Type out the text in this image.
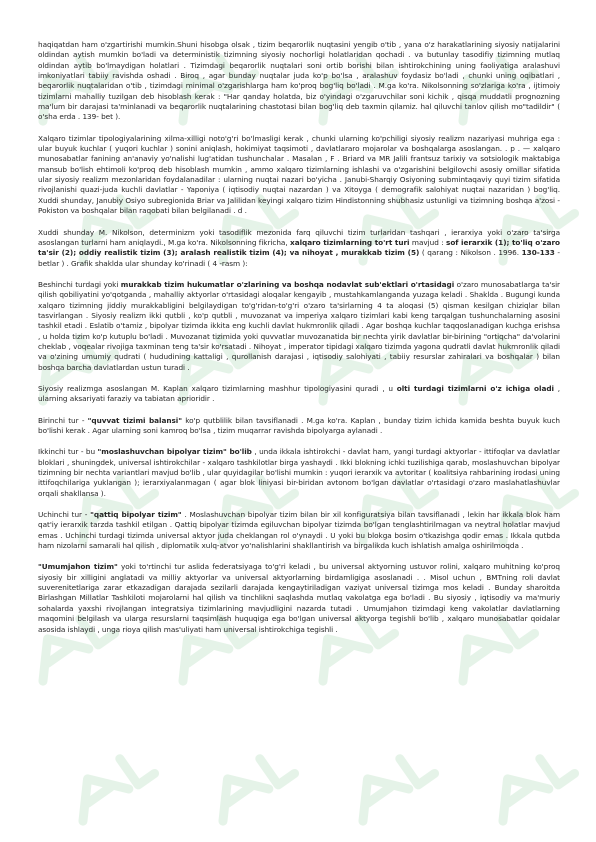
haqiqatdan ham o'zgartirishi mumkin.Shuni hisobga olsak , tizim beqarorlik nuqtasini yengib o'tib , yana o'z harakatlarining siyosiy natijalarini oldindan aytish mumkin bo'ladi va deterministik tizimning siyosiy nochorligi holatlaridan qochadi . va butunlay tasodifiy tizimning mutlaq oldindan aytib bo'lmaydigan holatlari . Tizimdagi beqarorlik nuqtalari soni ortib borishi bilan ishtirokchining uning faoliyatiga aralashuvi imkoniyatlari tabiiy ravishda oshadi . Biroq , agar bunday nuqtalar juda ko'p bo'lsa , aralashuv foydasiz bo'ladi , chunki uning oqibatlari , beqarorlik nuqtalaridan o'tib , tizimdagi minimal o'zgarishlarga ham ko'proq bog'liq bo'ladi . M.ga ko'ra. Nikolsonning so'zlariga ko'ra , ijtimoiy tizimlarni mahalliy tuzilgan deb hisoblash kerak : "Har qanday holatda, biz o'yindagi o'zgaruvchilar soni kichik , qisqa muddatli prognozning ma'lum bir darajasi ta'minlanadi va beqarorlik nuqtalarining chastotasi bilan bog'liq deb taxmin qilamiz. hal qiluvchi tanlov qilish mo"tadildir" ( o'sha erda . 139- bet ).

Xalqaro tizimlar tipologiyalarining xilma-xilligi noto'g'ri bo'lmasligi kerak , chunki ularning ko'pchiligi siyosiy realizm nazariyasi muhriga ega : ular buyuk kuchlar ( yuqori kuchlar ) sonini aniqlash, hokimiyat taqsimoti , davlatlararo mojarolar va boshqalarga asoslangan. . p . — xalqaro munosabatlar fanining an'anaviy yo'nalishi lug'atidan tushunchalar . Masalan , F . Briard va MR Jalili frantsuz tarixiy va sotsiologik maktabiga mansub bo'lish ehtimoli ko'proq deb hisoblash mumkin , ammo xalqaro tizimlarning ishlashi va o'zgarishini belgilovchi asosiy omillar sifatida ular siyosiy realizm mezonlaridan foydalanadilar : ularning nuqtai nazari bo'yicha . Janubi-Sharqiy Osiyoning submintaqaviy quyi tizim sifatida rivojlanishi quazi-juda kuchli davlatlar - Yaponiya ( iqtisodiy nuqtai nazardan ) va Xitoyga ( demografik salohiyat nuqtai nazaridan ) bog'liq. Xuddi shunday, Janubiy Osiyo subregionida Briar va Jalilidan keyingi xalqaro tizim Hindistonning shubhasiz ustunligi va tizimning boshqa a'zosi - Pokiston va boshqalar bilan raqobati bilan belgilanadi . d .

Xuddi shunday M. Nikolson, determinizm yoki tasodiflik mezonida farq qiluvchi tizim turlaridan tashqari , ierarxiya yoki o'zaro ta'sirga asoslangan turlarni ham aniqlaydi., M.ga ko'ra. Nikolsonning fikricha, xalqaro tizimlarning to'rt turi mavjud : sof ierarxik (1); to'liq o'zaro ta'sir (2); oddiy realistik tizim (3); aralash realistik tizim (4); va nihoyat , murakkab tizim (5) ( qarang : Nikolson . 1996. 130-133 - betlar ) . Grafik shaklda ular shunday ko'rinadi ( 4 -rasm ):

Beshinchi turdagi yoki murakkab tizim hukumatlar o'zlarining va boshqa nodavlat sub'ektlari o'rtasidagi o'zaro munosabatlarga ta'sir qilish qobiliyatini yo'qotganda , mahalliy aktyorlar o'rtasidagi aloqalar kengayib , mustahkamlanganda yuzaga keladi . Shaklda . Bugungi kunda xalqaro tizimning jiddiy murakkabligini belgilaydigan to'g'ridan-to'g'ri o'zaro ta'sirlarning 4 ta aloqasi (5) qisman kesilgan chiziqlar bilan tasvirlangan . Siyosiy realizm ikki qutbli , ko'p qutbli , muvozanat va imperiya xalqaro tizimlari kabi keng tarqalgan tushunchalarning asosini tashkil etadi . Eslatib o'tamiz , bipolyar tizimda ikkita eng kuchli davlat hukmronlik qiladi . Agar boshqa kuchlar taqqoslanadigan kuchga erishsa , u holda tizim ko'p kutuplu bo'ladi . Muvozanat tizimida yoki quvvatlar muvozanatida bir nechta yirik davlatlar bir-birining "ortiqcha" da'volarini cheklab , voqealar rivojiga taxminan teng ta'sir ko'rsatadi . Nihoyat , imperator tipidagi xalqaro tizimda yagona qudratli davlat hukmronlik qiladi va o'zining umumiy qudrati ( hududining kattaligi , qurollanish darajasi , iqtisodiy salohiyati , tabiiy resurslar zahiralari va boshqalar ) bilan boshqa barcha davlatlardan ustun turadi .

Siyosiy realizmga asoslangan M. Kaplan xalqaro tizimlarning mashhur tipologiyasini quradi , u olti turdagi tizimlarni o'z ichiga oladi , ularning aksariyati faraziy va tabiatan aprioridir .

Birinchi tur - "quvvat tizimi balansi" ko'p qutblilik bilan tavsiflanadi . M.ga ko'ra. Kaplan , bunday tizim ichida kamida beshta buyuk kuch bo'lishi kerak . Agar ularning soni kamroq bo'lsa , tizim muqarrar ravishda bipolyarga aylanadi .

Ikkinchi tur - bu "moslashuvchan bipolyar tizim" bo'lib , unda ikkala ishtirokchi - davlat ham, yangi turdagi aktyorlar - ittifoqlar va davlatlar bloklari , shuningdek, universal ishtirokchilar - xalqaro tashkilotlar birga yashaydi . Ikki blokning ichki tuzilishiga qarab, moslashuvchan bipolyar tizimning bir nechta variantlari mavjud bo'lib , ular quyidagilar bo'lishi mumkin : yuqori ierarxik va avtoritar ( koalitsiya rahbarining irodasi uning ittifoqchilariga yuklangan ); ierarxiyalanmagan ( agar blok liniyasi bir-biridan avtonom bo'lgan davlatlar o'rtasidagi o'zaro maslahatlashuvlar orqali shakllansa ).

Uchinchi tur - "qattiq bipolyar tizim" . Moslashuvchan bipolyar tizim bilan bir xil konfiguratsiya bilan tavsiflanadi , lekin har ikkala blok ham qat'iy ierarxik tarzda tashkil etilgan . Qattiq bipolyar tizimda egiluvchan bipolyar tizimda bo'lgan tenglashtirilmagan va neytral holatlar mavjud emas . Uchinchi turdagi tizimda universal aktyor juda cheklangan rol o'ynaydi . U yoki bu blokga bosim o'tkazishga qodir emas . Ikkala qutbda ham nizolarni samarali hal qilish , diplomatik xulq-atvor yo'nalishlarini shakllantirish va birgalikda kuch ishlatish amalga oshirilmoqda .

"Umumjahon tizim" yoki to'rtinchi tur aslida federatsiyaga to'g'ri keladi , bu universal aktyorning ustuvor rolini, xalqaro muhitning ko'proq siyosiy bir xilligini anglatadi va milliy aktyorlar va universal aktyorlarning birdamligiga asoslanadi . . Misol uchun , BMTning roli davlat suverenitetlariga zarar etkazadigan darajada sezilarli darajada kengaytiriladigan vaziyat universal tizimga mos keladi . Bunday sharoitda Birlashgan Millatlar Tashkiloti mojarolarni hal qilish va tinchlikni saqlashda mutlaq vakolatga ega bo'ladi . Bu siyosiy , iqtisodiy va ma'muriy sohalarda yaxshi rivojlangan integratsiya tizimlarining mavjudligini nazarda tutadi . Umumjahon tizimdagi keng vakolatlar davlatlarning maqomini belgilash va ularga resurslarni taqsimlash huquqiga ega bo'lgan universal aktyorga tegishli bo'lib , xalqaro munosabatlar qoidalar asosida ishlaydi , unga rioya qilish mas'uliyati ham universal ishtirokchiga tegishli .
